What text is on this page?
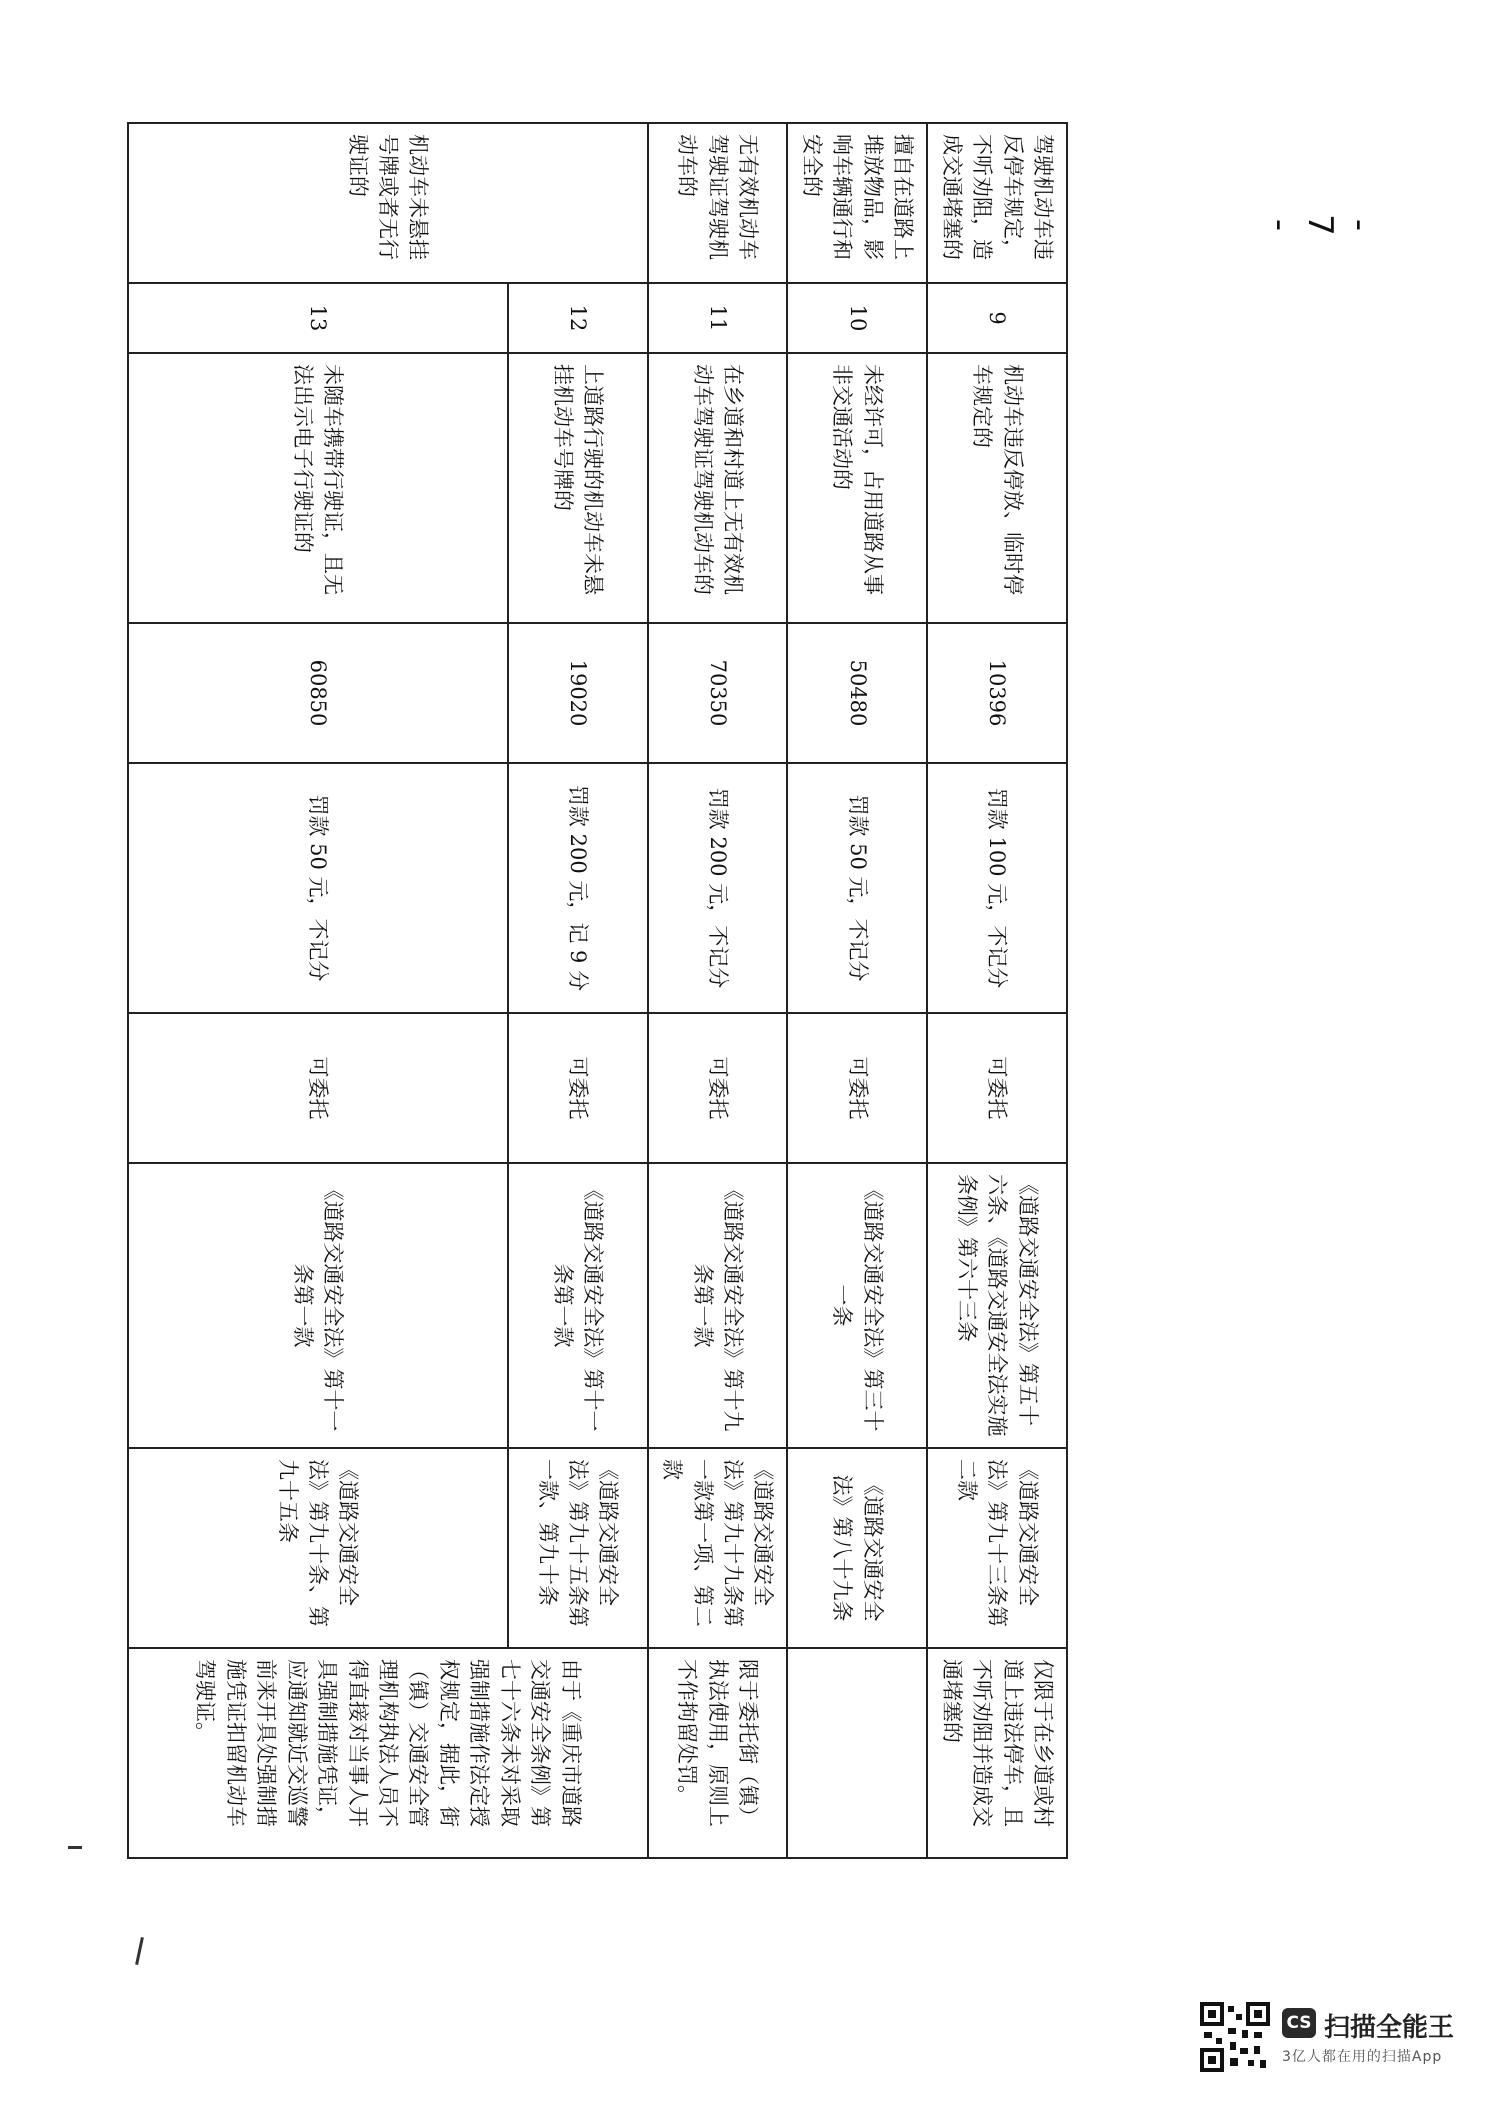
驾驶机动车违反停车规定，不听劝阻，造成交通堵塞的	9	机动车违反停放、临时停车规定的	10396	罚款 100 元，不记分	可委托	《道路交通安全法》第五十六条、《道路交通安全法实施条例》第六十三条	《道路交通安全法》第九十三条第二款	仅限于在乡道或村道上违法停车，且不听劝阻并造成交通堵塞的
擅自在道路上堆放物品，影响车辆通行和安全的	10	未经许可，占用道路从事非交通活动的	50480	罚款 50 元，不记分	可委托	《道路交通安全法》第三十一条	《道路交通安全法》第八十九条	
无有效机动车驾驶证驾驶机动车的	11	在乡道和村道上无有效机动车驾驶证驾驶机动车的	70350	罚款 200 元，不记分	可委托	《道路交通安全法》第十九条第一款	《道路交通安全法》第九十九条第一款第一项、第二款	限于委托街（镇）执法使用，原则上不作拘留处罚。
机动车未悬挂号牌或者无行驶证的	12	上道路行驶的机动车未悬挂机动车号牌的	19020	罚款 200 元，记 9 分	可委托	《道路交通安全法》第十一条第一款	《道路交通安全法》第九十五条第一款、第九十条	由于《重庆市道路交通安全条例》第七十六条未对采取强制措施作法定授权规定，据此，街（镇）交通安全管理机构执法人员不得直接对当事人开具强制措施凭证，应通知就近交巡警前来开具处强制措施凭证扣留机动车驾驶证。
	13	未随车携带行驶证，且无法出示电子行驶证的	60850	罚款 50 元，不记分	可委托	《道路交通安全法》第十一条第一款	《道路交通安全法》第九十条、第九十五条	
- 7 -
CS 扫描全能王
3亿人都在用的扫描App
